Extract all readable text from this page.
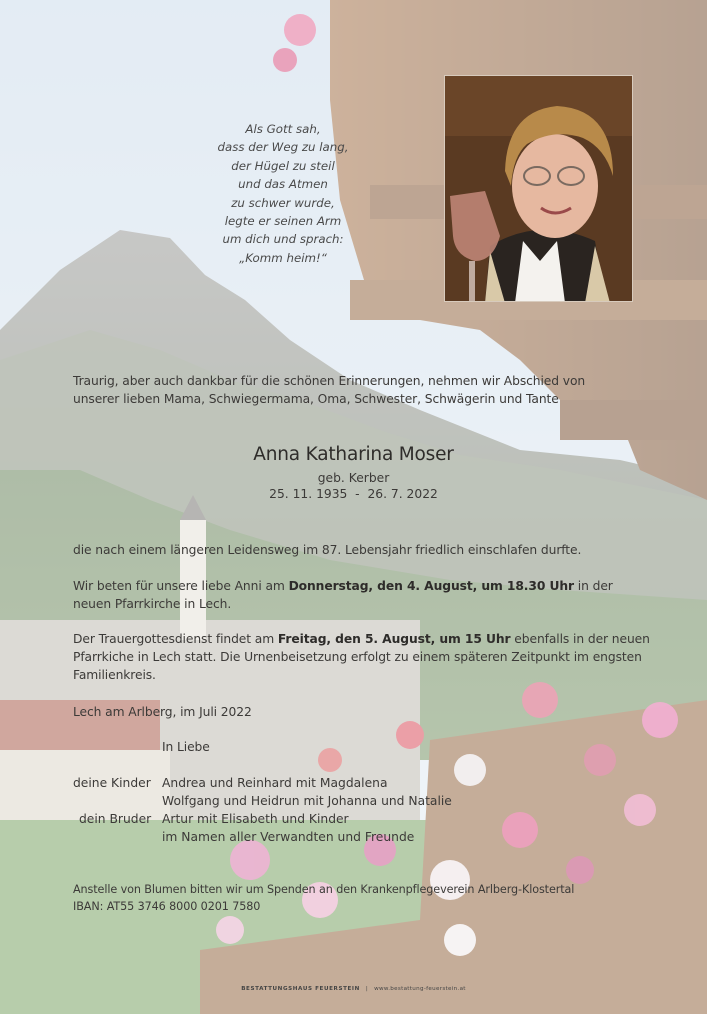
Als Gott sah,
dass der Weg zu lang,
der Hügel zu steil
und das Atmen
zu schwer wurde,
legte er seinen Arm
um dich und sprach:
„Komm heim!“
Traurig, aber auch dankbar für die schönen Erinnerungen, nehmen wir Abschied von unserer lieben Mama, Schwiegermama, Oma, Schwester, Schwägerin und Tante
Anna Katharina Moser
geb. Kerber
25. 11. 1935  -  26. 7. 2022
die nach einem längeren Leidensweg im 87. Lebensjahr friedlich einschlafen durfte.
Wir beten für unsere liebe Anni am Donnerstag, den 4. August, um 18.30 Uhr in der neuen Pfarrkirche in Lech.
Der Trauergottesdienst findet am Freitag, den 5. August, um 15 Uhr ebenfalls in der neuen Pfarrkiche in Lech statt. Die Urnenbeisetzung erfolgt zu einem späteren Zeitpunkt im engsten Familienkreis.
Lech am Arlberg, im Juli 2022
In Liebe
deine Kinder Andrea und Reinhard mit Magdalena
Wolfgang und Heidrun mit Johanna und Natalie
dein Bruder Artur mit Elisabeth und Kinder
im Namen aller Verwandten und Freunde
Anstelle von Blumen bitten wir um Spenden an den Krankenpflegeverein Arlberg-Klostertal
IBAN: AT55 3746 8000 0201 7580
BESTATTUNGSHAUS FEUERSTEIN | www.bestattung-feuerstein.at
